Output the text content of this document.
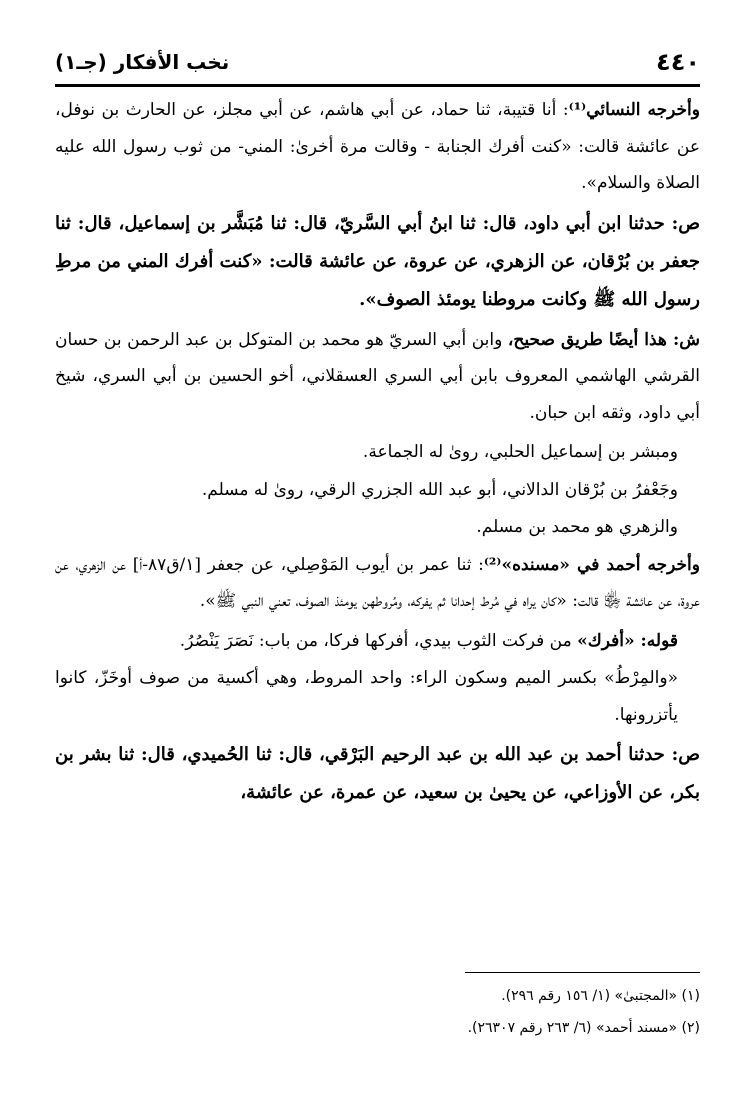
٤٤٠
نخب الأفكار (جـ١)

وأخرجه النسائي⁽¹⁾: أنا قتيبة، ثنا حماد، عن أبي هاشم، عن أبي مجلز، عن الحارث بن نوفل، عن عائشة قالت: «كنت أفرك الجنابة - وقالت مرة أخرىٰ: المني- من ثوب رسول الله عليه الصلاة والسلام».

ص: حدثنا ابن أبي داود، قال: ثنا ابنُ أبي السَّريّ، قال: ثنا مُبَشَّر بن إسماعيل، قال: ثنا جعفر بن بُرْقان، عن الزهري، عن عروة، عن عائشة قالت: «كنت أفرك المني من مرطِ رسول الله ﷺ وكانت مروطنا يومئذ الصوف».

ش: هذا أيضًا طريق صحيح، وابن أبي السريّ هو محمد بن المتوكل بن عبد الرحمن بن حسان القرشي الهاشمي المعروف بابن أبي السري العسقلاني، أخو الحسين بن أبي السري، شيخ أبي داود، وثقه ابن حبان.

ومبشر بن إسماعيل الحلبي، روىٰ له الجماعة.

وجَعْفرُ بن بُرْقان الدالاني، أبو عبد الله الجزري الرقي، روىٰ له مسلم.

والزهري هو محمد بن مسلم.

وأخرجه أحمد في «مسنده»⁽²⁾: ثنا عمر بن أيوب المَوْصِلي، عن جعفر [١/ق٨٧-أ] عن الزهري، عن عروة، عن عائشة ﵂ قالت: «كان يراه في مُرط إحدانا ثم يفركه، ومُروطهن يومئذ الصوف، تعني النبي ﷺ».

قوله: «أفرك» من فركت الثوب بيدي، أفركها فركا، من باب: نَصَرَ يَنْصُرُ.

«والمِرْطُ» بكسر الميم وسكون الراء: واحد المروط، وهي أكسية من صوف أوخَزّ، كانوا يأتزرونها.

ص: حدثنا أحمد بن عبد الله بن عبد الرحيم البَرْقي، قال: ثنا الحُميدي، قال: ثنا بشر بن بكر، عن الأوزاعي، عن يحيىٰ بن سعيد، عن عمرة، عن عائشة،

(١) «المجتبىٰ» (١/ ١٥٦ رقم ٢٩٦).

(٢) «مسند أحمد» (٦/ ٢٦٣ رقم ٢٦٣٠٧).
